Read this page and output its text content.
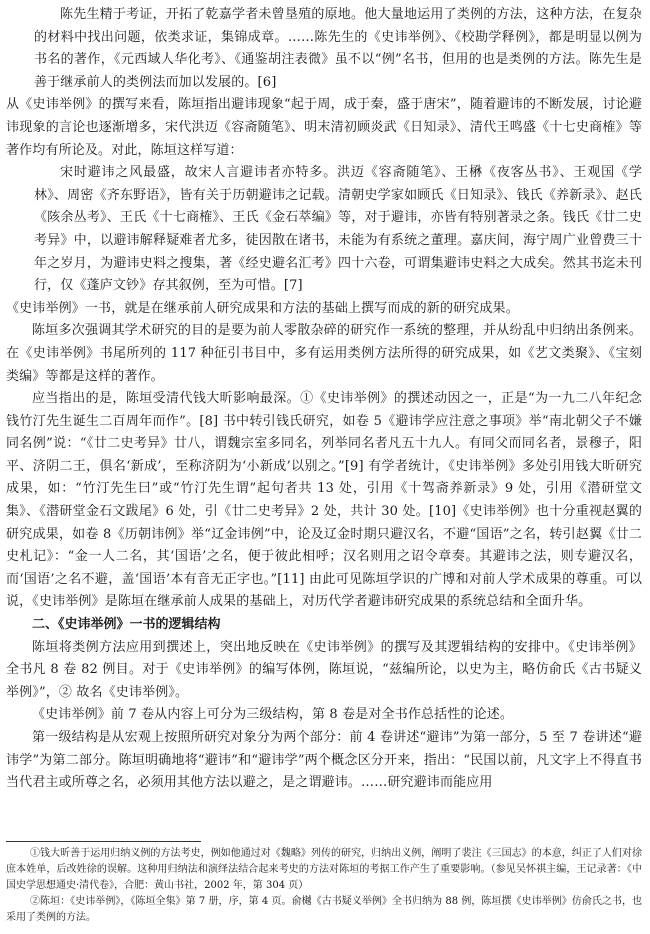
陈先生精于考证，开拓了乾嘉学者未曾垦殖的原地。他大量地运用了类例的方法，这种方法，在复杂的材料中找出问题，依类求证，集锦成章。……陈先生的《史讳举例》、《校勘学释例》，都是明显以例为书名的著作，《元西域人华化考》、《通鉴胡注表微》虽不以“例”名书，但用的也是类例的方法。陈先生是善于继承前人的类例法而加以发展的。[6]

从《史讳举例》的撰写来看，陈垣指出避讳现象“起于周，成于秦，盛于唐宋”，随着避讳的不断发展，讨论避讳现象的言论也逐渐增多，宋代洪迈《容斋随笔》、明末清初顾炎武《日知录》、清代王鸣盛《十七史商榷》等著作均有所论及。对此，陈垣这样写道：

宋时避讳之风最盛，故宋人言避讳者亦特多。洪迈《容斋随笔》、王楙《夜客丛书》、王观国《学林》、周密《齐东野语》，皆有关于历朝避讳之记载。清朝史学家如顾氏《日知录》、钱氏《养新录》、赵氏《陔余丛考》、王氏《十七商榷》、王氏《金石萃编》等，对于避讳，亦皆有特别著录之条。钱氏《廿二史考异》中，以避讳解释疑难者尤多，徒因散在诸书，未能为有系统之董理。嘉庆间，海宁周广业曾费三十年之岁月，为避讳史料之搜集，著《经史避名汇考》四十六卷，可谓集避讳史料之大成矣。然其书迄未刊行，仅《蓬庐文钞》存其叙例，至为可惜。[7]

《史讳举例》一书，就是在继承前人研究成果和方法的基础上撰写而成的新的研究成果。

陈垣多次强调其学术研究的目的是要为前人零散杂碎的研究作一系统的整理，并从纷乱中归纳出条例来。在《史讳举例》书尾所列的 117 种征引书目中，多有运用类例方法所得的研究成果，如《艺文类聚》、《宝刻类编》等都是这样的著作。

应当指出的是，陈垣受清代钱大昕影响最深。①《史讳举例》的撰述动因之一，正是“为一九二八年纪念钱竹汀先生诞生二百周年而作”。[8] 书中转引钱氏研究，如卷 5《避讳学应注意之事项》举“南北朝父子不嫌同名例”说：“《廿二史考异》廿八，谓魏宗室多同名，列举同名者凡五十九人。有同父而同名者，景穆子，阳平、济阴二王，俱名‘新成’，至称济阴为‘小新成’以别之。”[9] 有学者统计，《史讳举例》多处引用钱大昕研究成果，如：“竹汀先生曰”或“竹汀先生谓”起句者共 13 处，引用《十驾斋养新录》9 处，引用《潜研堂文集》、《潜研堂金石文跋尾》6 处，引《廿二史考异》2 处，共计 30 处。[10]《史讳举例》也十分重视赵翼的研究成果，如卷 8《历朝讳例》举“辽金讳例”中，论及辽金时期只避汉名，不避“国语”之名，转引赵翼《廿二史札记》：“金一人二名，其‘国语’之名，便于彼此相呼；汉名则用之诏令章奏。其避讳之法，则专避汉名，而‘国语’之名不避，盖‘国语’本有音无正字也。”[11] 由此可见陈垣学识的广博和对前人学术成果的尊重。可以说，《史讳举例》是陈垣在继承前人成果的基础上，对历代学者避讳研究成果的系统总结和全面升华。

二、《史讳举例》一书的逻辑结构

陈垣将类例方法应用到撰述上，突出地反映在《史讳举例》的撰写及其逻辑结构的安排中。《史讳举例》全书凡 8 卷 82 例目。对于《史讳举例》的编写体例，陈垣说，“兹编所论，以史为主，略仿俞氏《古书疑义举例》”，② 故名《史讳举例》。

《史讳举例》前 7 卷从内容上可分为三级结构，第 8 卷是对全书作总括性的论述。

第一级结构是从宏观上按照所研究对象分为两个部分：前 4 卷讲述“避讳”为第一部分，5 至 7 卷讲述“避讳学”为第二部分。陈垣明确地将“避讳”和“避讳学”两个概念区分开来，指出：“民国以前，凡文字上不得直书当代君主或所尊之名，必须用其他方法以避之，是之谓避讳。……研究避讳而能应用

①钱大昕善于运用归纳义例的方法考史，例如他通过对《魏略》列传的研究，归纳出义例，阐明了裴注《三国志》的本意，纠正了人们对徐庶本姓单，后改姓徐的误解。这种用归纳法和演绎法结合起来考史的方法对陈垣的考据工作产生了重要影响。（参见吴怀祺主编，王记录著：《中国史学思想通史·清代卷》，合肥：黄山书社，2002 年，第 304 页）

②陈垣：《史讳举例》，《陈垣全集》第 7 册，序，第 4 页。俞樾《古书疑义举例》全书归纳为 88 例，陈垣撰《史讳举例》仿俞氏之书，也采用了类例的方法。
